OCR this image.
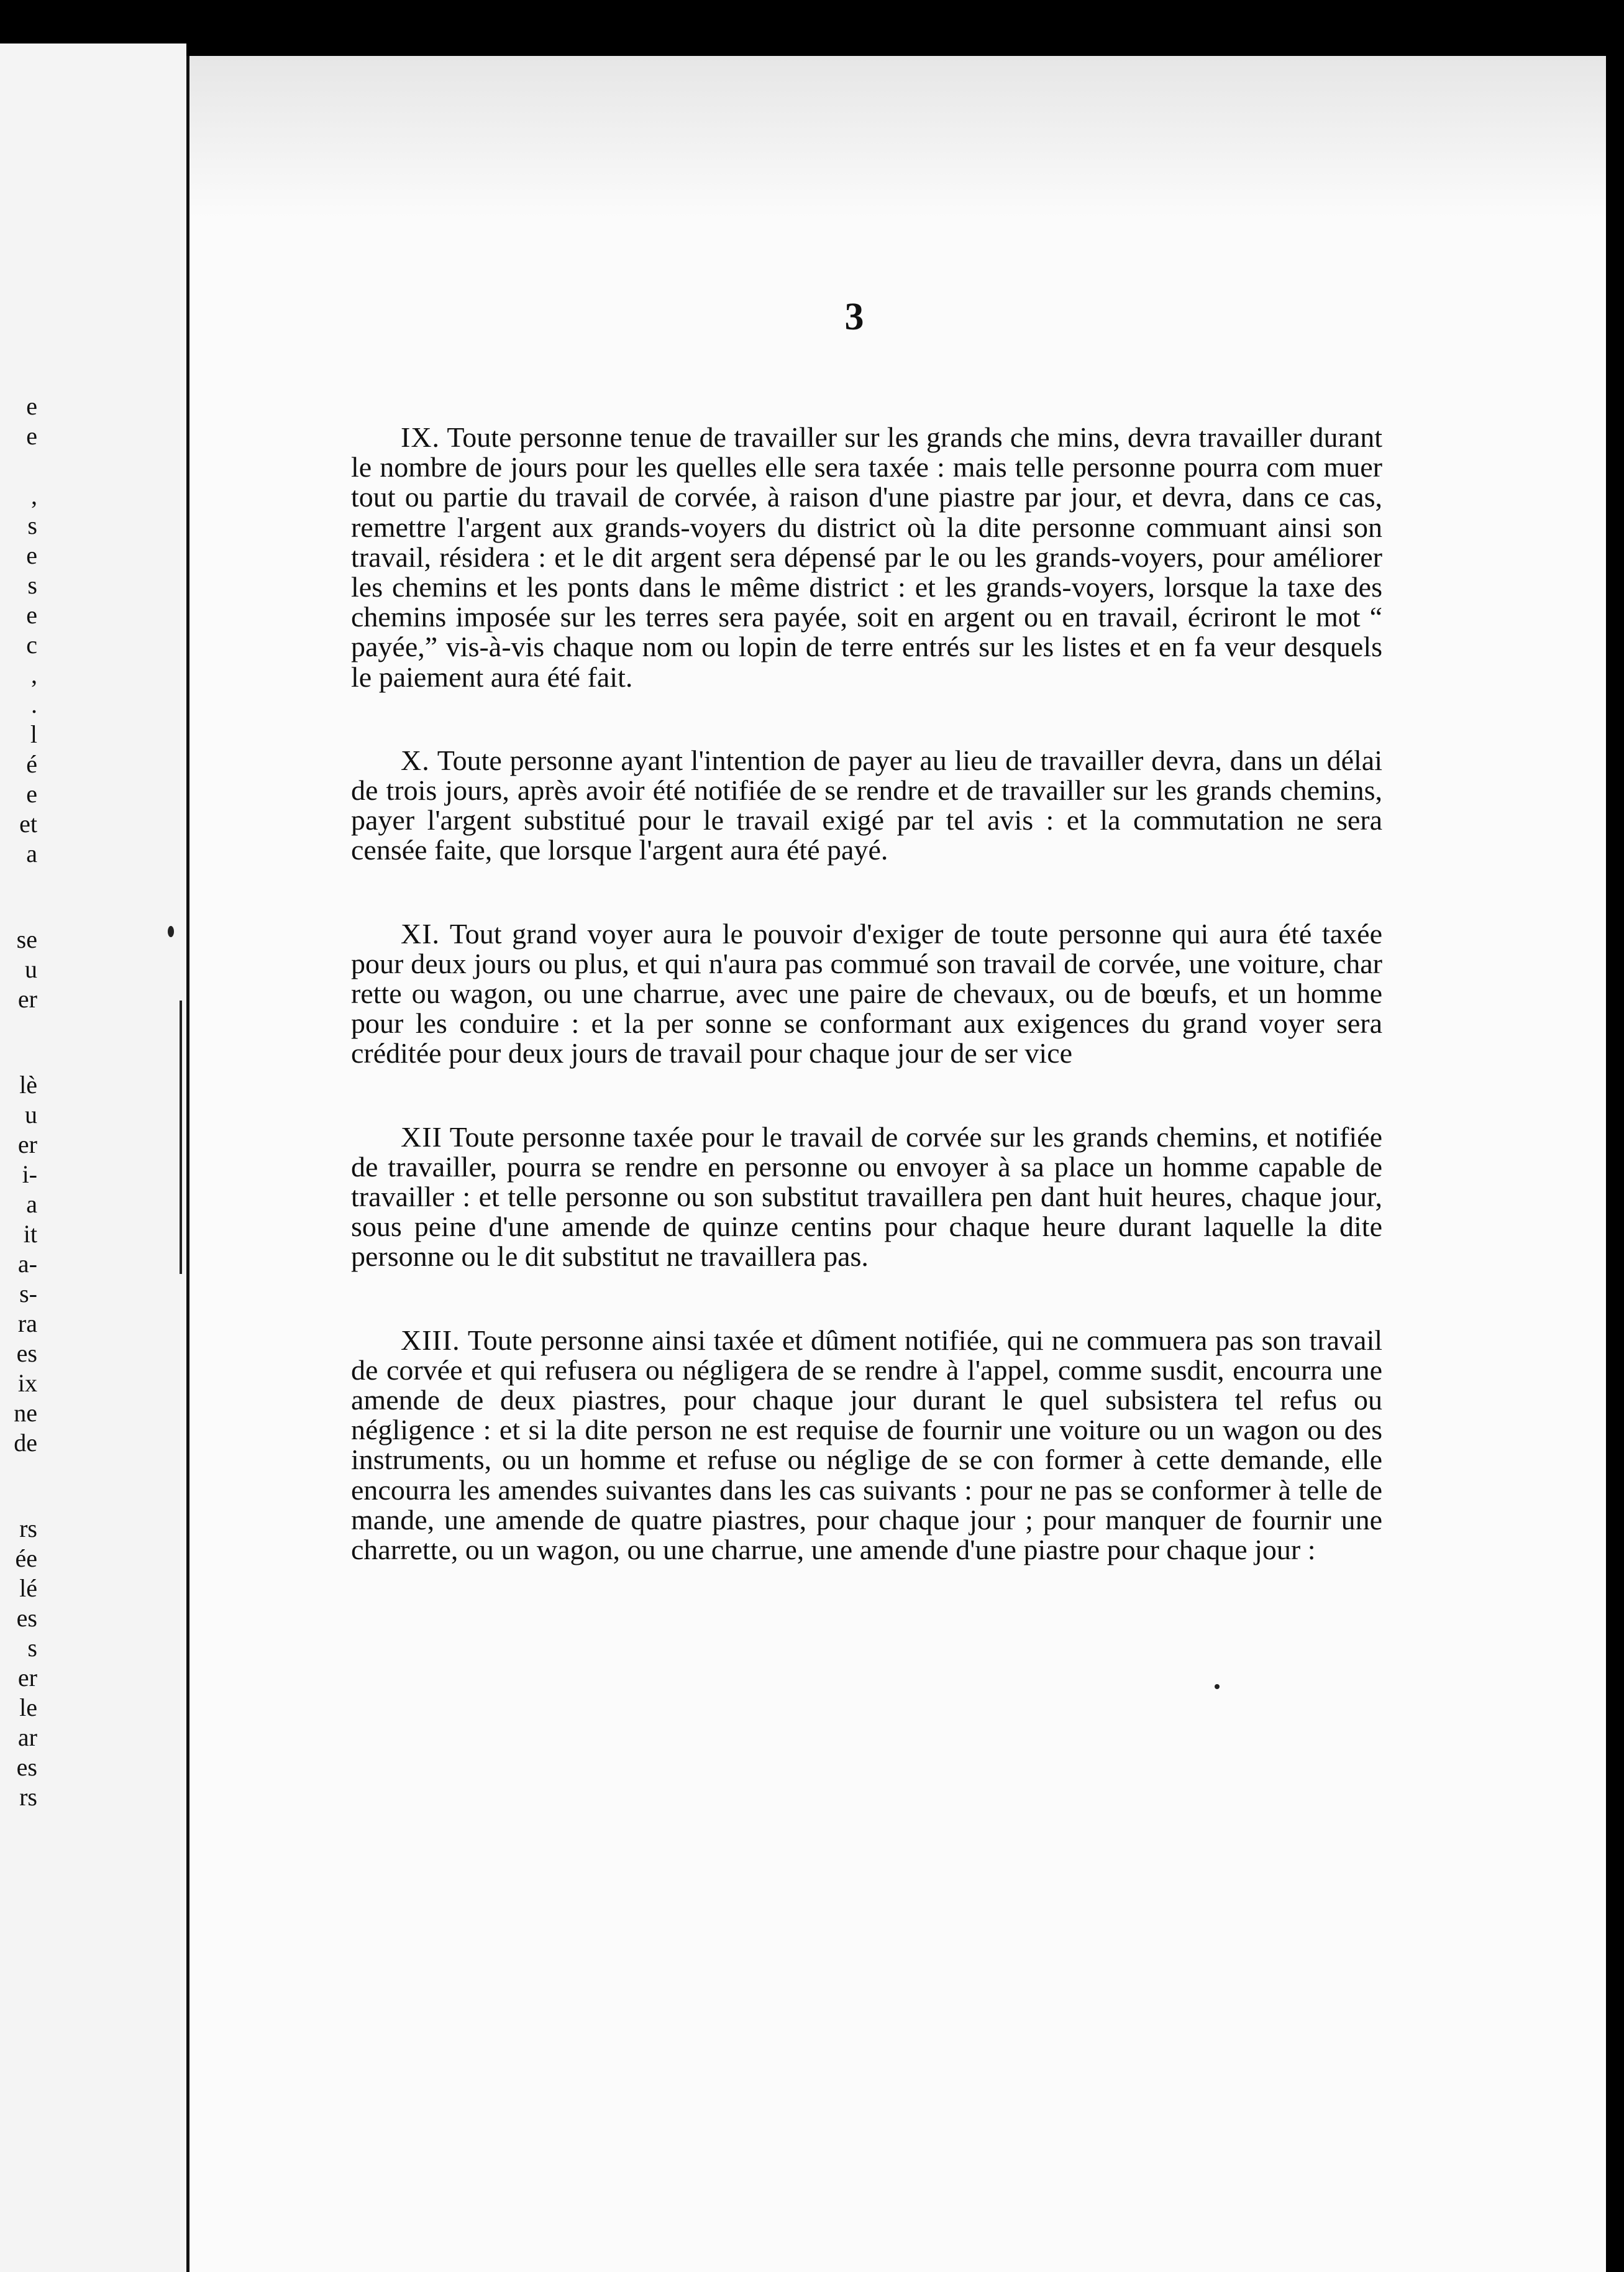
e
e
,
s
e
s
e
c
,
.
l
é
e
et
a
se
u
er
lè
u
er
i-
a
it
a-
s-
ra
es
ix
ne
de
rs
ée
lé
es
s
er
le
ar
es
rs
3

IX. Toute personne tenue de travailler sur les grands che mins, devra travailler durant le nombre de jours pour les quelles elle sera taxée : mais telle personne pourra com muer tout ou partie du travail de corvée, à raison d'une piastre par jour, et devra, dans ce cas, remettre l'argent aux grands-voyers du district où la dite personne commuant ainsi son travail, résidera : et le dit argent sera dépensé par le ou les grands-voyers, pour améliorer les chemins et les ponts dans le même district : et les grands-voyers, lorsque la taxe des chemins imposée sur les terres sera payée, soit en argent ou en travail, écriront le mot “ payée,” vis-à-vis chaque nom ou lopin de terre entrés sur les listes et en fa veur desquels le paiement aura été fait.

X. Toute personne ayant l'intention de payer au lieu de travailler devra, dans un délai de trois jours, après avoir été notifiée de se rendre et de travailler sur les grands chemins, payer l'argent substitué pour le travail exigé par tel avis : et la commutation ne sera censée faite, que lorsque l'argent aura été payé.

XI. Tout grand voyer aura le pouvoir d'exiger de toute personne qui aura été taxée pour deux jours ou plus, et qui n'aura pas commué son travail de corvée, une voiture, char rette ou wagon, ou une charrue, avec une paire de chevaux, ou de bœufs, et un homme pour les conduire : et la per sonne se conformant aux exigences du grand voyer sera créditée pour deux jours de travail pour chaque jour de ser vice

XII Toute personne taxée pour le travail de corvée sur les grands chemins, et notifiée de travailler, pourra se rendre en personne ou envoyer à sa place un homme capable de travailler : et telle personne ou son substitut travaillera pen dant huit heures, chaque jour, sous peine d'une amende de quinze centins pour chaque heure durant laquelle la dite personne ou le dit substitut ne travaillera pas.

XIII. Toute personne ainsi taxée et dûment notifiée, qui ne commuera pas son travail de corvée et qui refusera ou négligera de se rendre à l'appel, comme susdit, encourra une amende de deux piastres, pour chaque jour durant le quel subsistera tel refus ou négligence : et si la dite person ne est requise de fournir une voiture ou un wagon ou des instruments, ou un homme et refuse ou néglige de se con former à cette demande, elle encourra les amendes suivantes dans les cas suivants : pour ne pas se conformer à telle de mande, une amende de quatre piastres, pour chaque jour ; pour manquer de fournir une charrette, ou un wagon, ou une charrue, une amende d'une piastre pour chaque jour :
